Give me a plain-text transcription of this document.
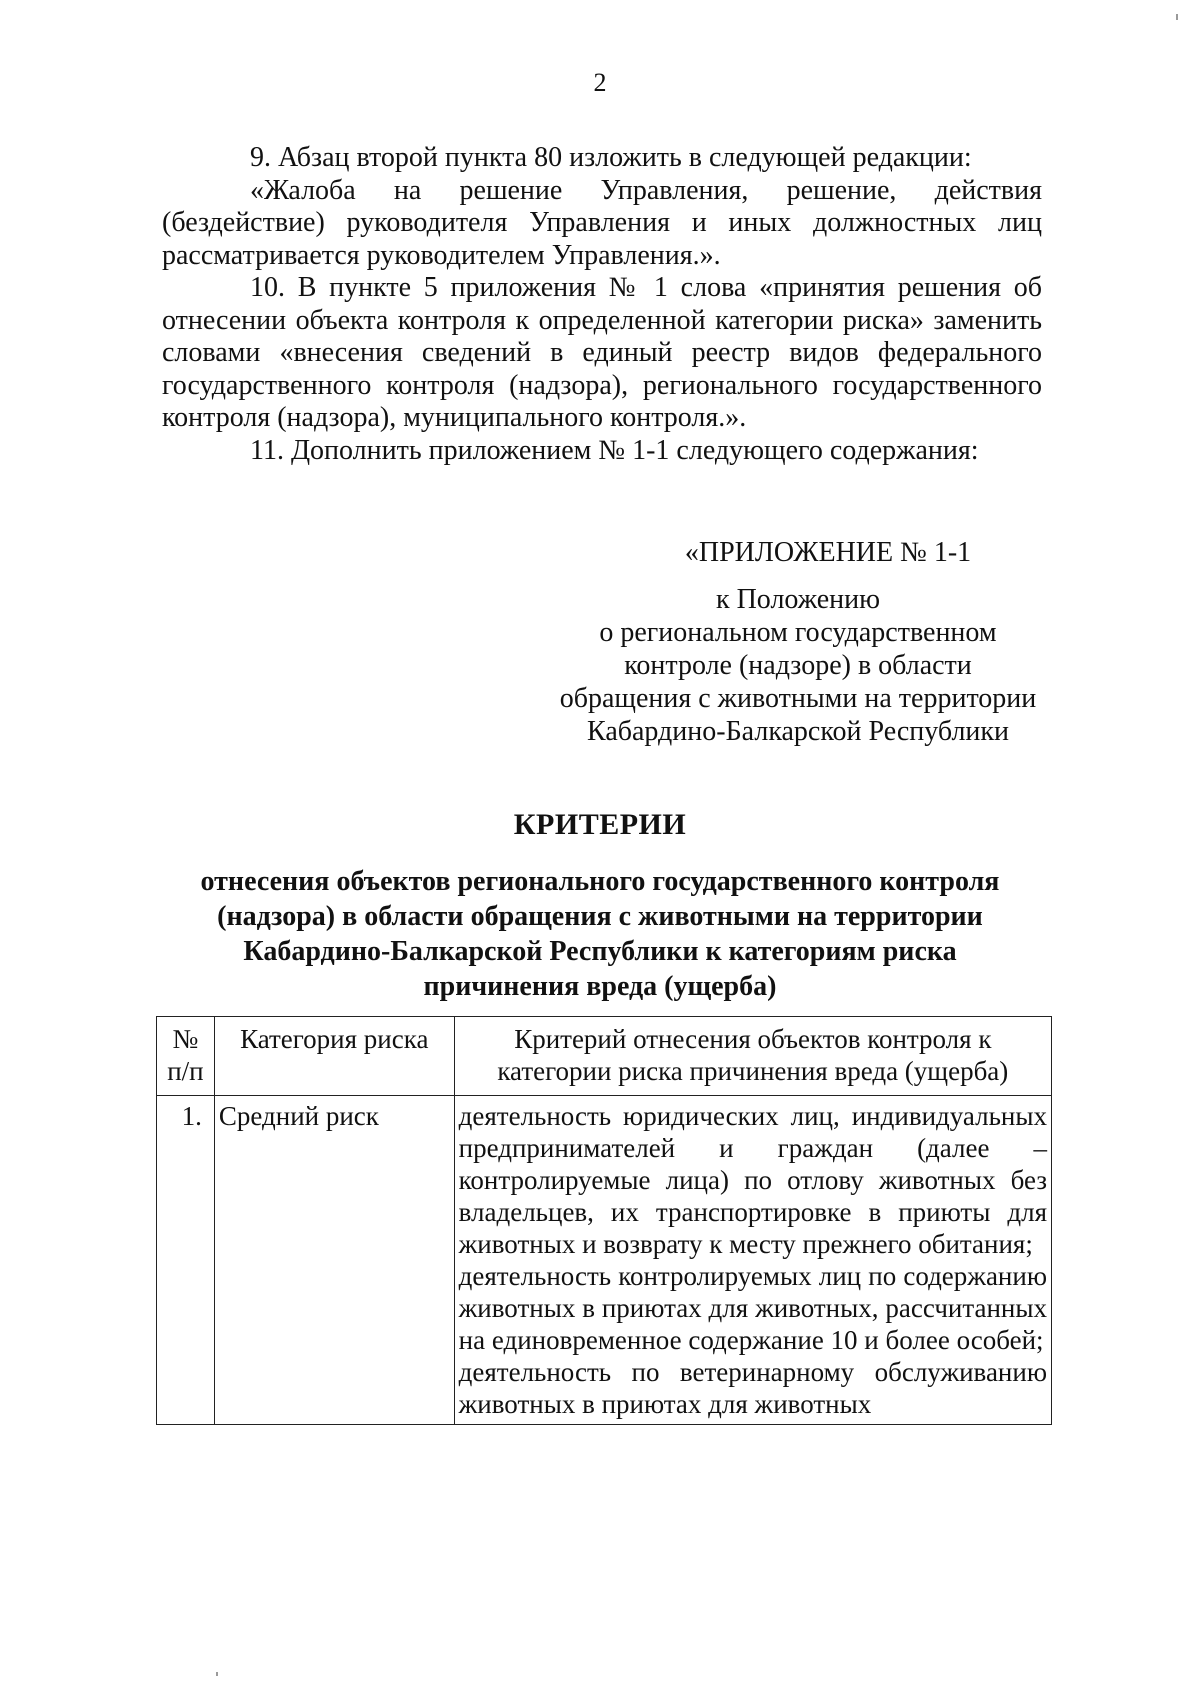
2

9. Абзац второй пункта 80 изложить в следующей редакции:

«Жалоба на решение Управления, решение, действия (бездействие) руководителя Управления и иных должностных лиц рассматривается руководителем Управления.».

10. В пункте 5 приложения № 1 слова «принятия решения об отнесении объекта контроля к определенной категории риска» заменить словами «внесения сведений в единый реестр видов федерального государственного контроля (надзора), регионального государственного контроля (надзора), муниципального контроля.».

11. Дополнить приложением № 1-1 следующего содержания:

«ПРИЛОЖЕНИЕ № 1-1

к Положению

о региональном государственном

контроле (надзоре) в области

обращения с животными на территории

Кабардино-Балкарской Республики

КРИТЕРИИ

отнесения объектов регионального государственного контроля

(надзора) в области обращения с животными на территории

Кабардино-Балкарской Республики к категориям риска

причинения вреда (ущерба)

№ п/п	Категория риска	Критерий отнесения объектов контроля к категории риска причинения вреда (ущерба)
1.	Средний риск	деятельность юридических лиц, индивидуальных предпринимателей и граждан (далее – контролируемые лица) по отлову животных без владельцев, их транспортировке в приюты для животных и возврату к месту прежнего обитания;
деятельность контролируемых лиц по содержанию животных в приютах для животных, рассчитанных на единовременное содержание 10 и более особей;
деятельность по ветеринарному обслуживанию животных в приютах для животных
